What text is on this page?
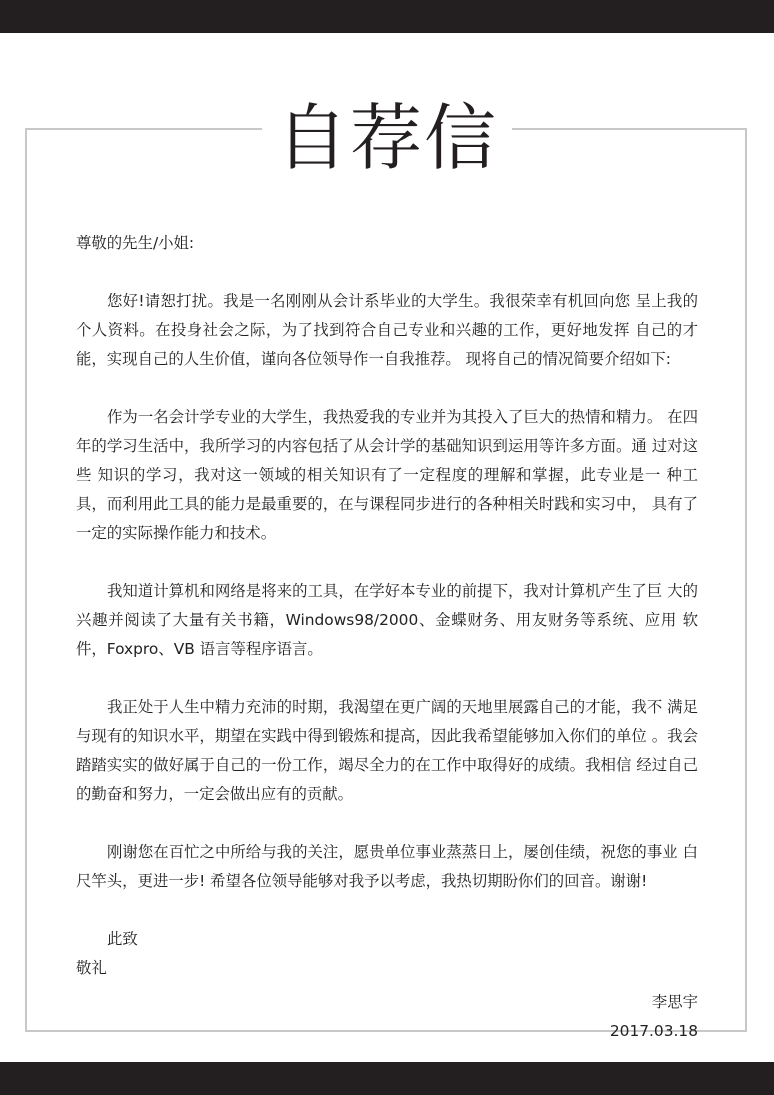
自荐信

尊敬的先生/小姐:

您好!请恕打扰。我是一名刚刚从会计系毕业的大学生。我很荣幸有机回向您 呈上我的个人资料。在投身社会之际，为了找到符合自己专业和兴趣的工作，更好地发挥 自己的才能，实现自己的人生价值，谨向各位领导作一自我推荐。 现将自己的情况简要介绍如下:

作为一名会计学专业的大学生，我热爱我的专业并为其投入了巨大的热情和精力。 在四年的学习生活中，我所学习的内容包括了从会计学的基础知识到运用等许多方面。通 过对这些 知识的学习，我对这一领域的相关知识有了一定程度的理解和掌握，此专业是一 种工具，而利用此工具的能力是最重要的，在与课程同步进行的各种相关时践和实习中， 具有了一定的实际操作能力和技术。

我知道计算机和网络是将来的工具，在学好本专业的前提下，我对计算机产生了巨 大的兴趣并阅读了大量有关书籍，Windows98/2000、金蝶财务、用友财务等系统、应用 软件，Foxpro、VB 语言等程序语言。

我正处于人生中精力充沛的时期，我渴望在更广阔的天地里展露自己的才能，我不 满足与现有的知识水平，期望在实践中得到锻炼和提高，因此我希望能够加入你们的单位 。我会踏踏实实的做好属于自己的一份工作，竭尽全力的在工作中取得好的成绩。我相信 经过自己的勤奋和努力，一定会做出应有的贡献。

刚谢您在百忙之中所给与我的关注，愿贵单位事业蒸蒸日上，屡创佳绩，祝您的事业 白尺竿头，更进一步! 希望各位领导能够对我予以考虑，我热切期盼你们的回音。谢谢!

此致

敬礼

李思宇

2017.03.18
